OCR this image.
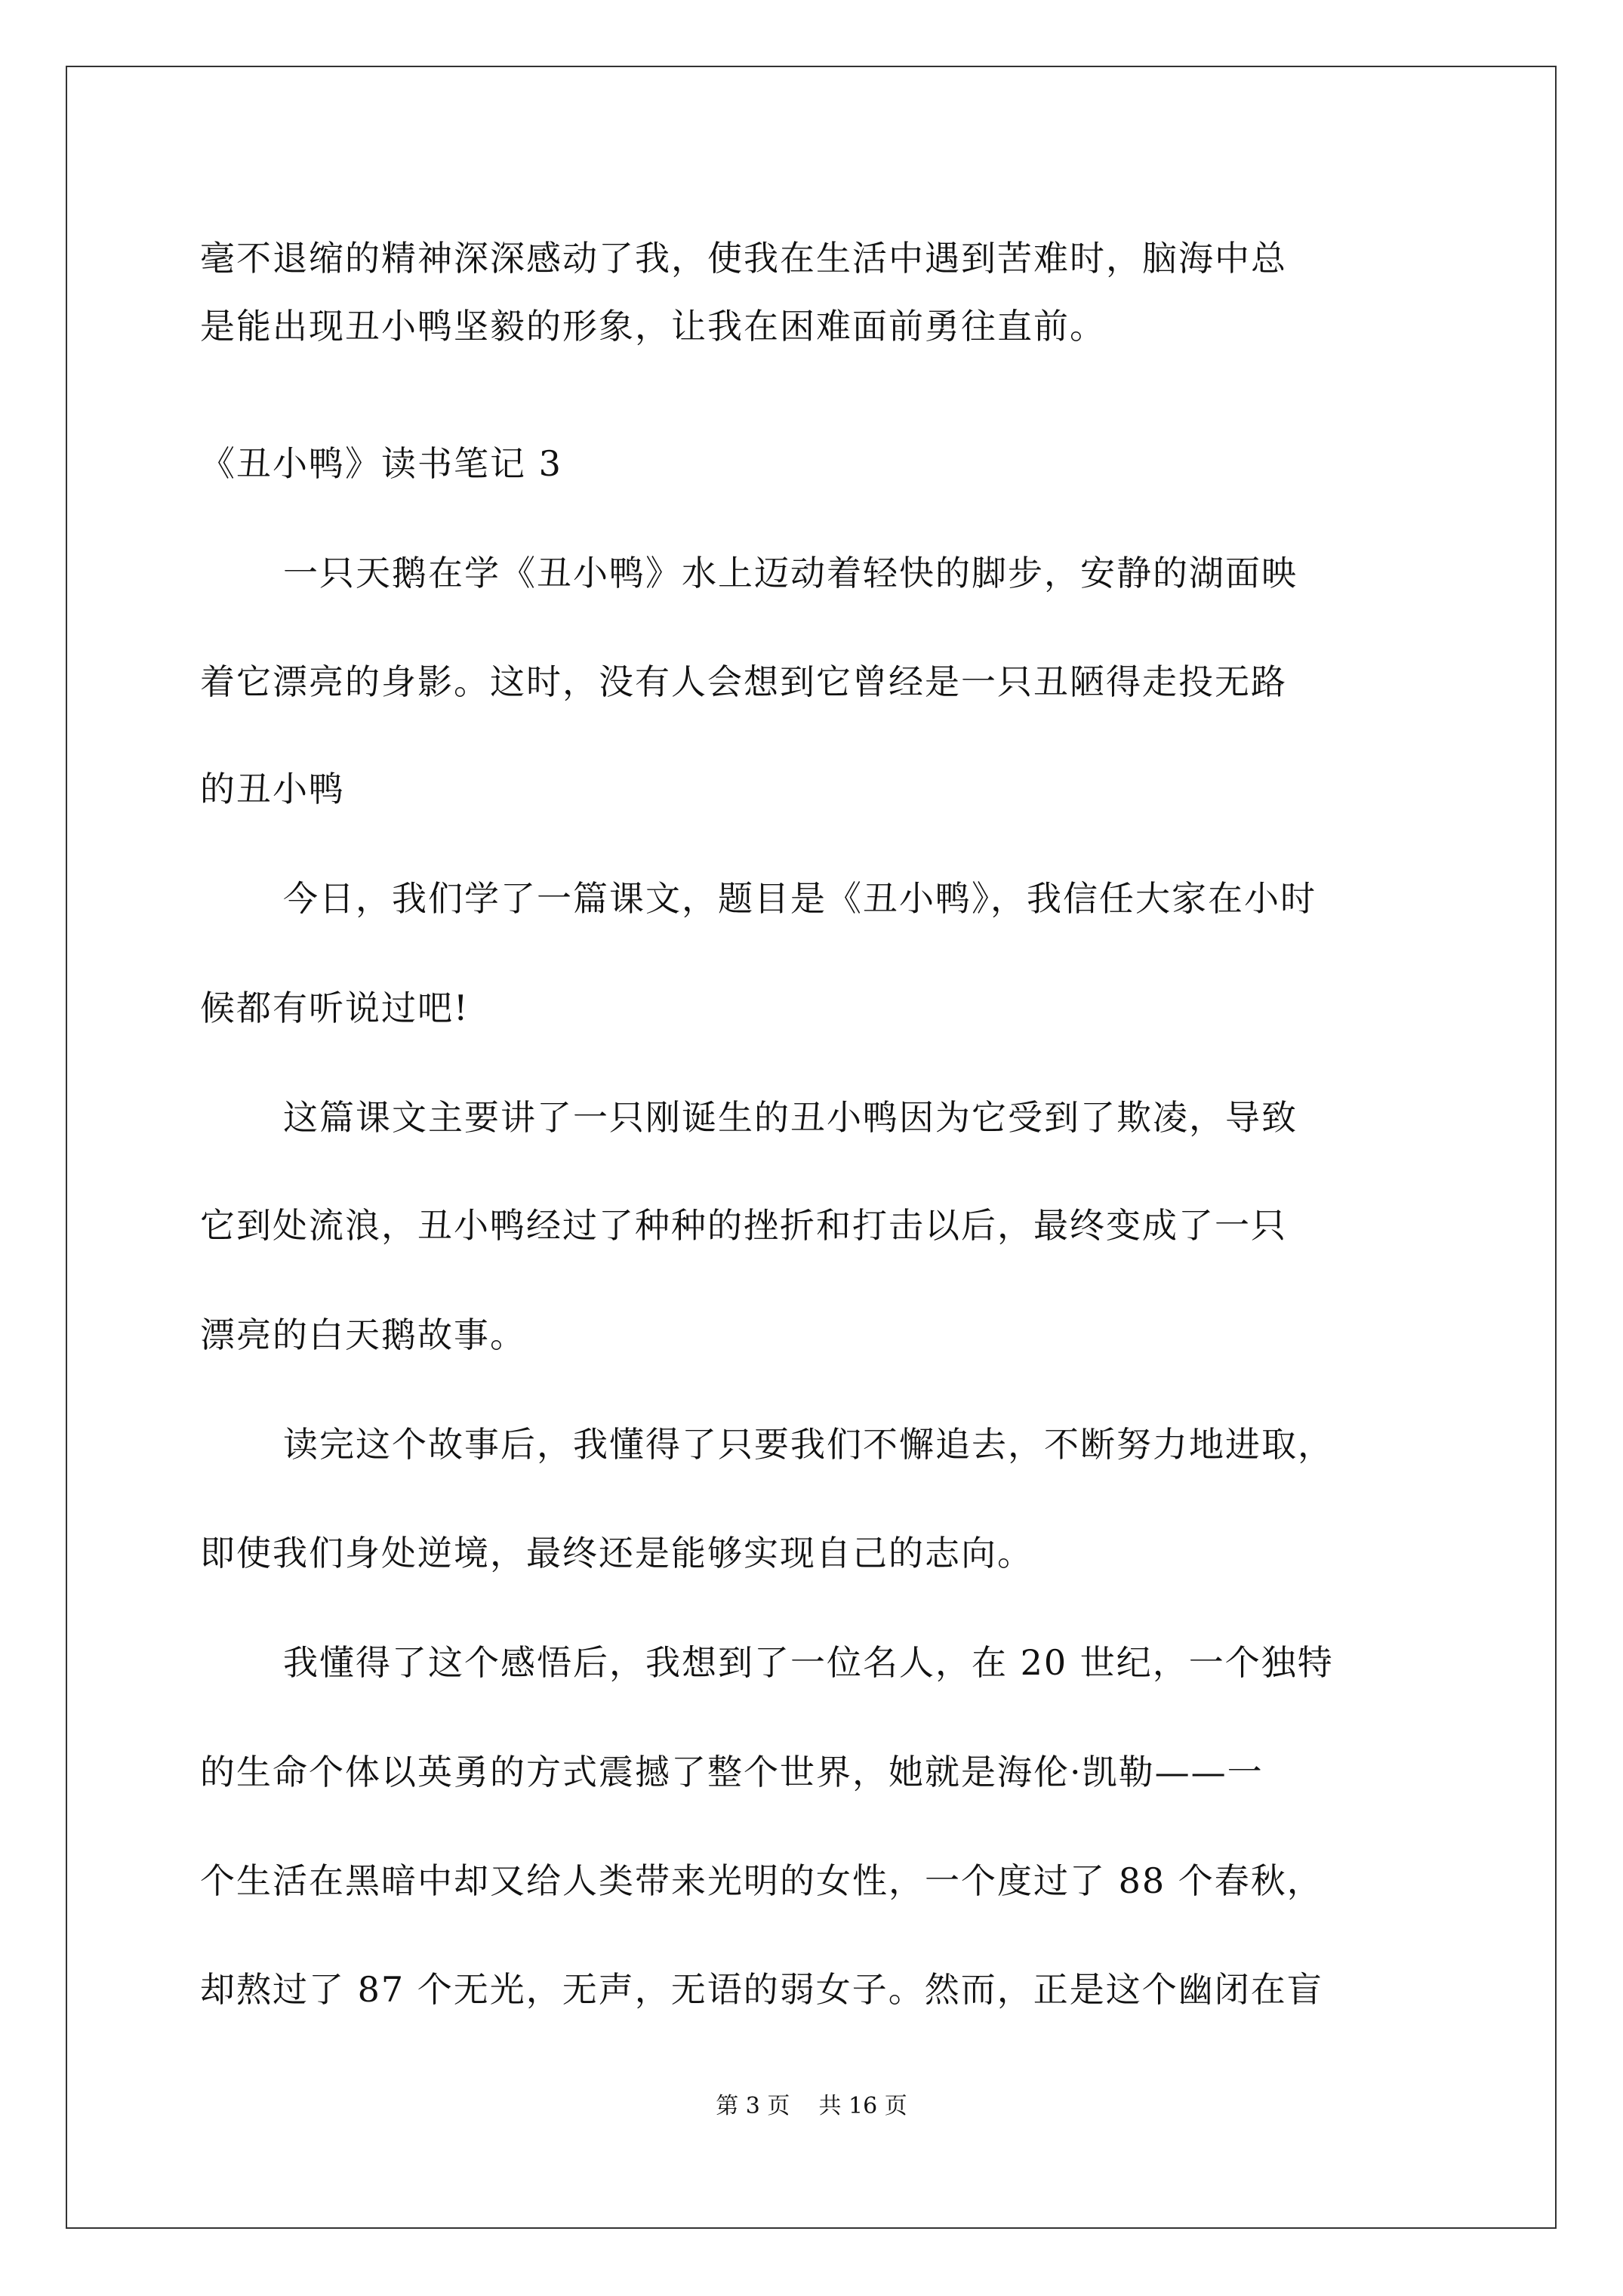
毫不退缩的精神深深感动了我，使我在生活中遇到苦难时，脑海中总
是能出现丑小鸭坚毅的形象，让我在困难面前勇往直前。
《丑小鸭》读书笔记 3
一只天鹅在学《丑小鸭》水上迈动着轻快的脚步，安静的湖面映
着它漂亮的身影。这时，没有人会想到它曾经是一只丑陋得走投无路
的丑小鸭
今日，我们学了一篇课文，题目是《丑小鸭》，我信任大家在小时
候都有听说过吧!
这篇课文主要讲了一只刚诞生的丑小鸭因为它受到了欺凌，导致
它到处流浪，丑小鸭经过了种种的挫折和打击以后，最终变成了一只
漂亮的白天鹅故事。
读完这个故事后，我懂得了只要我们不懈追去，不断努力地进取，
即使我们身处逆境，最终还是能够实现自己的志向。
我懂得了这个感悟后，我想到了一位名人，在 20 世纪，一个独特
的生命个体以英勇的方式震撼了整个世界，她就是海伦·凯勒——一
个生活在黑暗中却又给人类带来光明的女性，一个度过了 88 个春秋，
却熬过了 87 个无光，无声，无语的弱女子。然而，正是这个幽闭在盲
第 3 页    共 16 页
